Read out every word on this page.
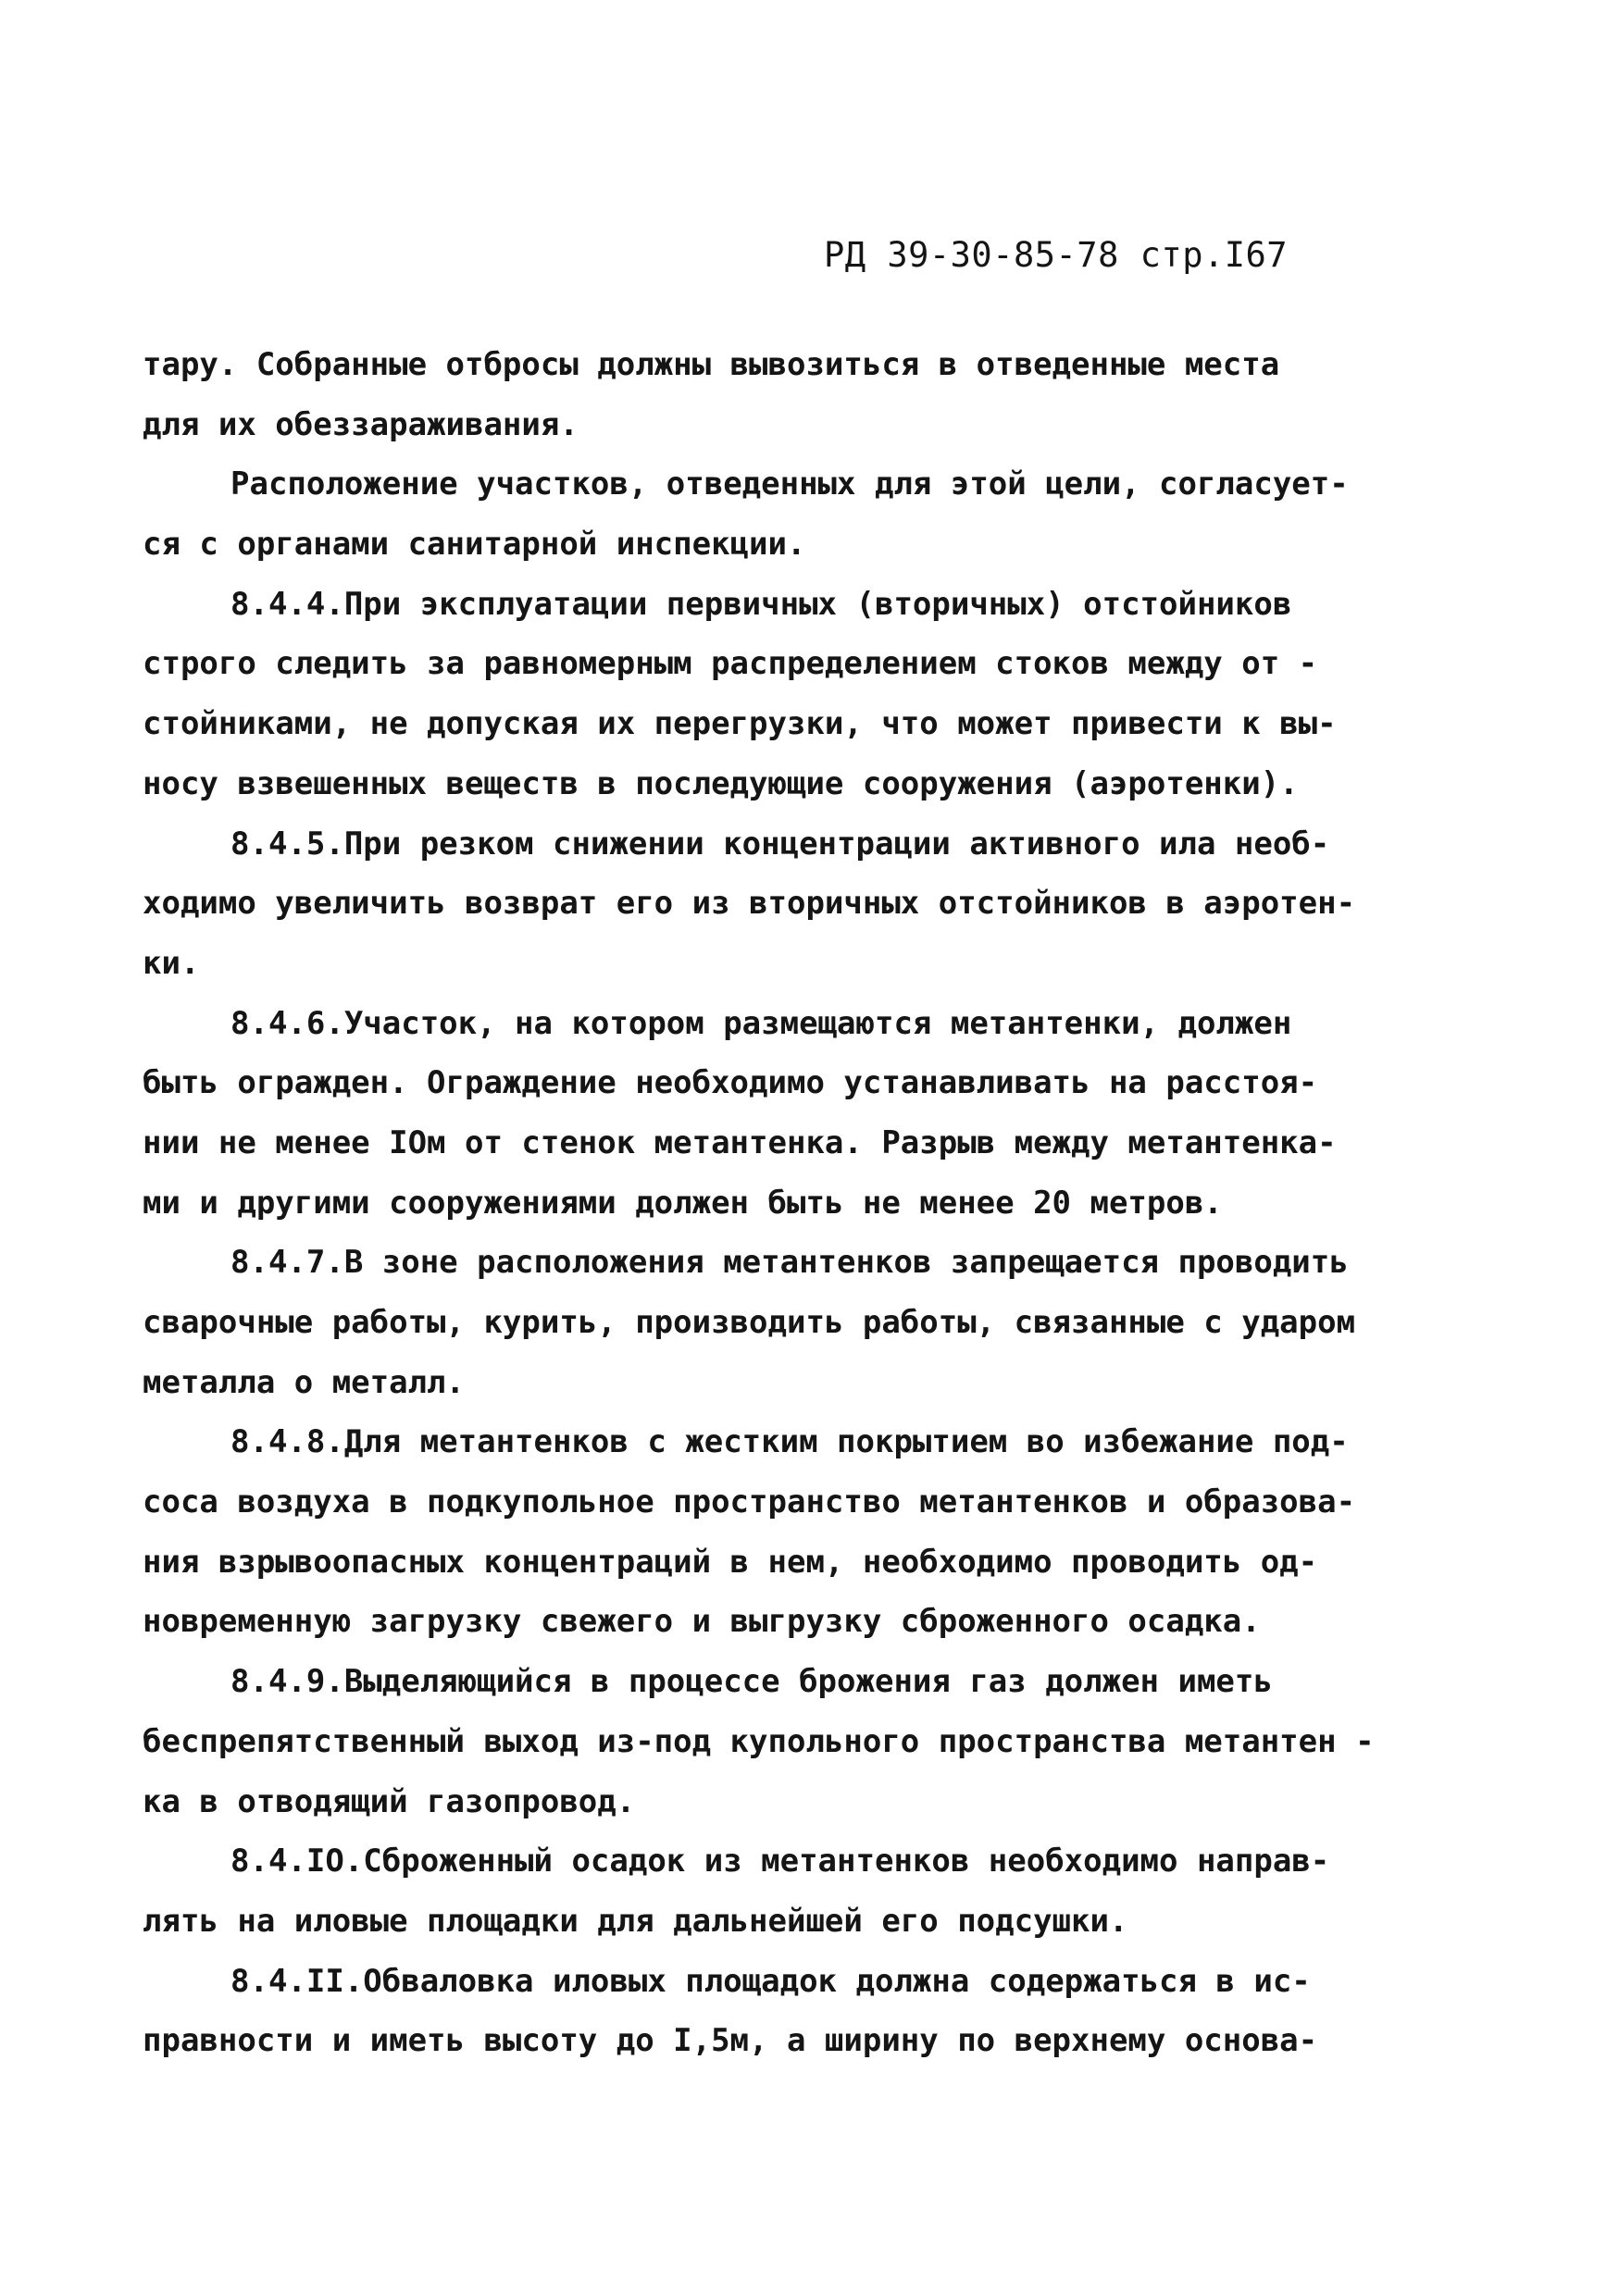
РД 39-30-85-78 стр.I67
тару. Собранные отбросы должны вывозиться в отведенные места
для их обеззараживания.
Расположение участков, отведенных для этой цели, согласует-
ся с органами санитарной инспекции.
8.4.4.При эксплуатации первичных (вторичных) отстойников
строго следить за равномерным распределением стоков между от -
стойниками, не допуская их перегрузки, что может привести к вы-
носу взвешенных веществ в последующие сооружения (аэротенки).
8.4.5.При резком снижении концентрации активного ила необ-
ходимо увеличить возврат его из вторичных отстойников в аэротен-
ки.
8.4.6.Участок, на котором размещаются метантенки, должен
быть огражден. Ограждение необходимо устанавливать на расстоя-
нии не менее IOм от стенок метантенка. Разрыв между метантенка-
ми и другими сооружениями должен быть не менее 20 метров.
8.4.7.В зоне расположения метантенков запрещается проводить
сварочные работы, курить, производить работы, связанные с ударом
металла о металл.
8.4.8.Для метантенков с жестким покрытием во избежание под-
соса воздуха в подкупольное пространство метантенков и образова-
ния взрывоопасных концентраций в нем, необходимо проводить од-
новременную загрузку свежего и выгрузку сброженного осадка.
8.4.9.Выделяющийся в процессе брожения газ должен иметь
беспрепятственный выход из-под купольного пространства метантен -
ка в отводящий газопровод.
8.4.IO.Сброженный осадок из метантенков необходимо направ-
лять на иловые площадки для дальнейшей его подсушки.
8.4.II.Обваловка иловых площадок должна содержаться в ис-
правности и иметь высоту до I,5м, а ширину по верхнему основа-
